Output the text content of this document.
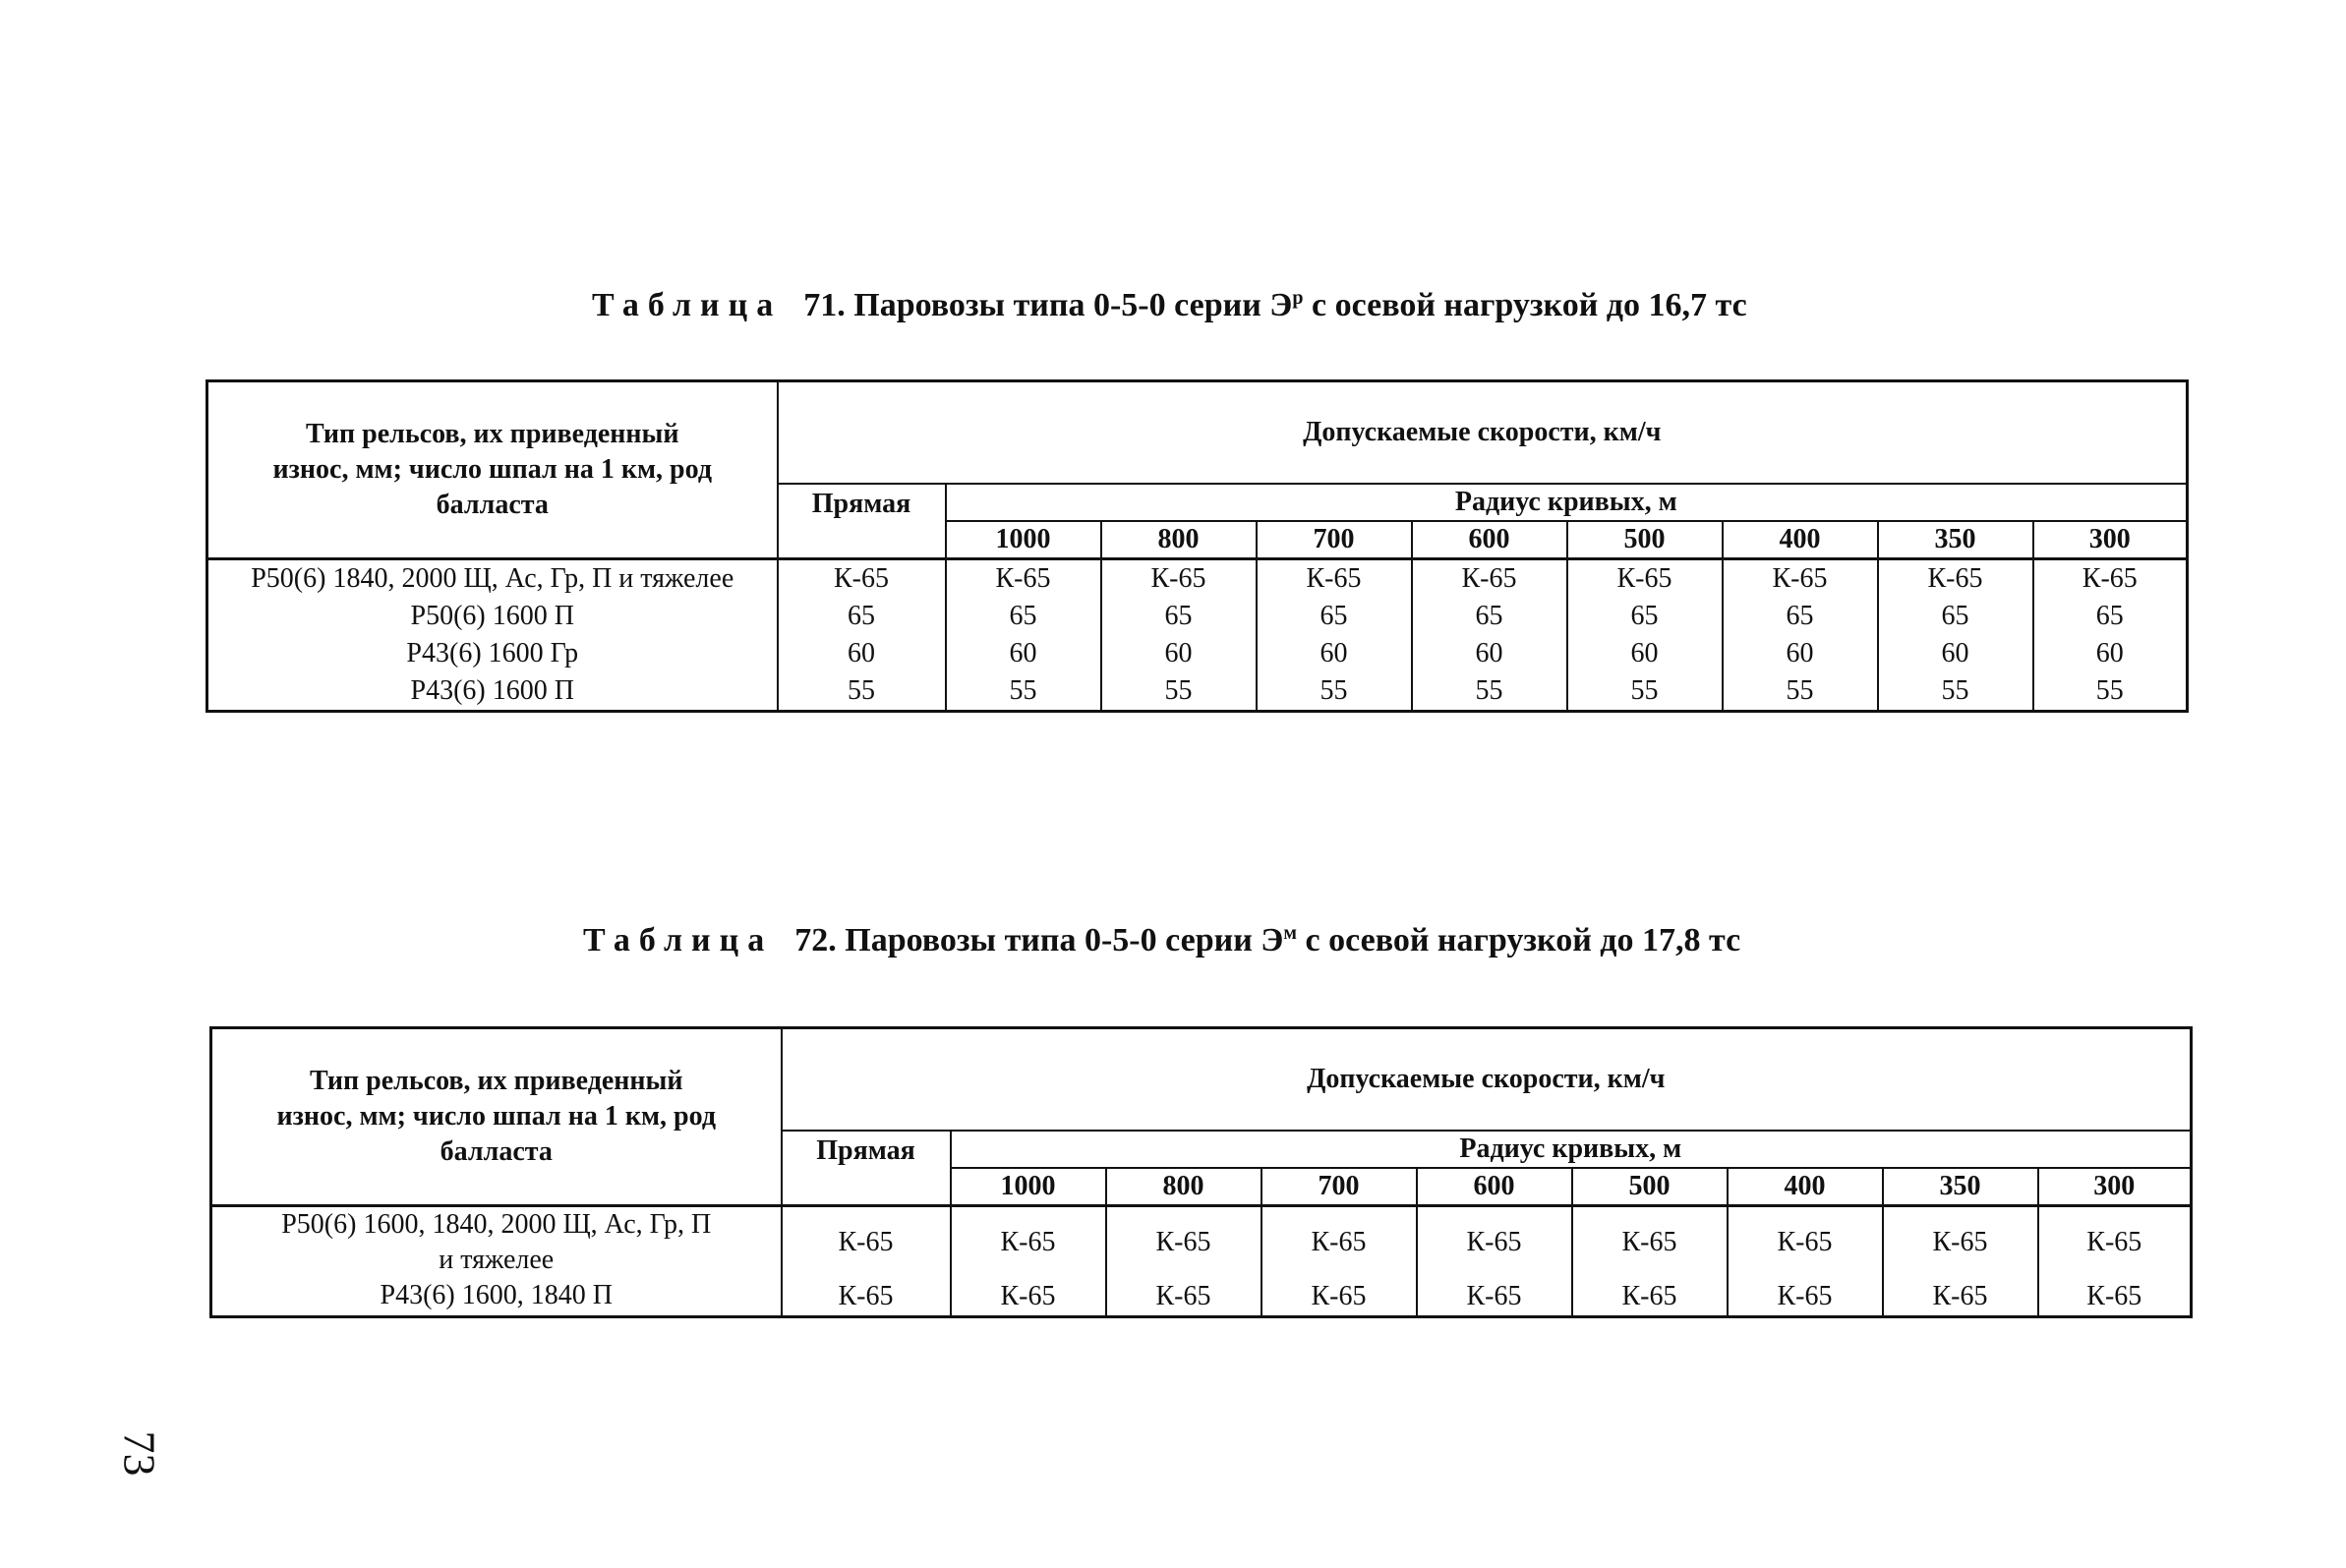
Таблица 71. Паровозы типа 0-5-0 серии $Э^р$ с осевой нагрузкой до 16,7 тс
Тип рельсов, их приведенный износ, мм; число шпал на 1 км, род балласта	Допускаемые скорости, км/ч								
	Прямая	Радиус кривых, м							
		1000	800	700	600	500	400	350	300
Р50(6) 1840, 2000 Щ, Ас, Гр, П и тяжелее	К-65	К-65	К-65	К-65	К-65	К-65	К-65	К-65	К-65
Р50(6) 1600 П	65	65	65	65	65	65	65	65	65
Р43(6) 1600 Гр	60	60	60	60	60	60	60	60	60
Р43(6) 1600 П	55	55	55	55	55	55	55	55	55
Таблица 72. Паровозы типа 0-5-0 серии $Э^м$ с осевой нагрузкой до 17,8 тс
Тип рельсов, их приведенный износ, мм; число шпал на 1 км, род балласта	Допускаемые скорости, км/ч								
	Прямая	Радиус кривых, м							
		1000	800	700	600	500	400	350	300

Р50(6) 1600, 1840, 2000 Щ, Ас, Гр, П
и тяжелее	К-65	К-65	К-65	К-65	К-65	К-65	К-65	К-65	К-65
Р43(6) 1600, 1840 П	К-65	К-65	К-65	К-65	К-65	К-65	К-65	К-65	К-65
73
